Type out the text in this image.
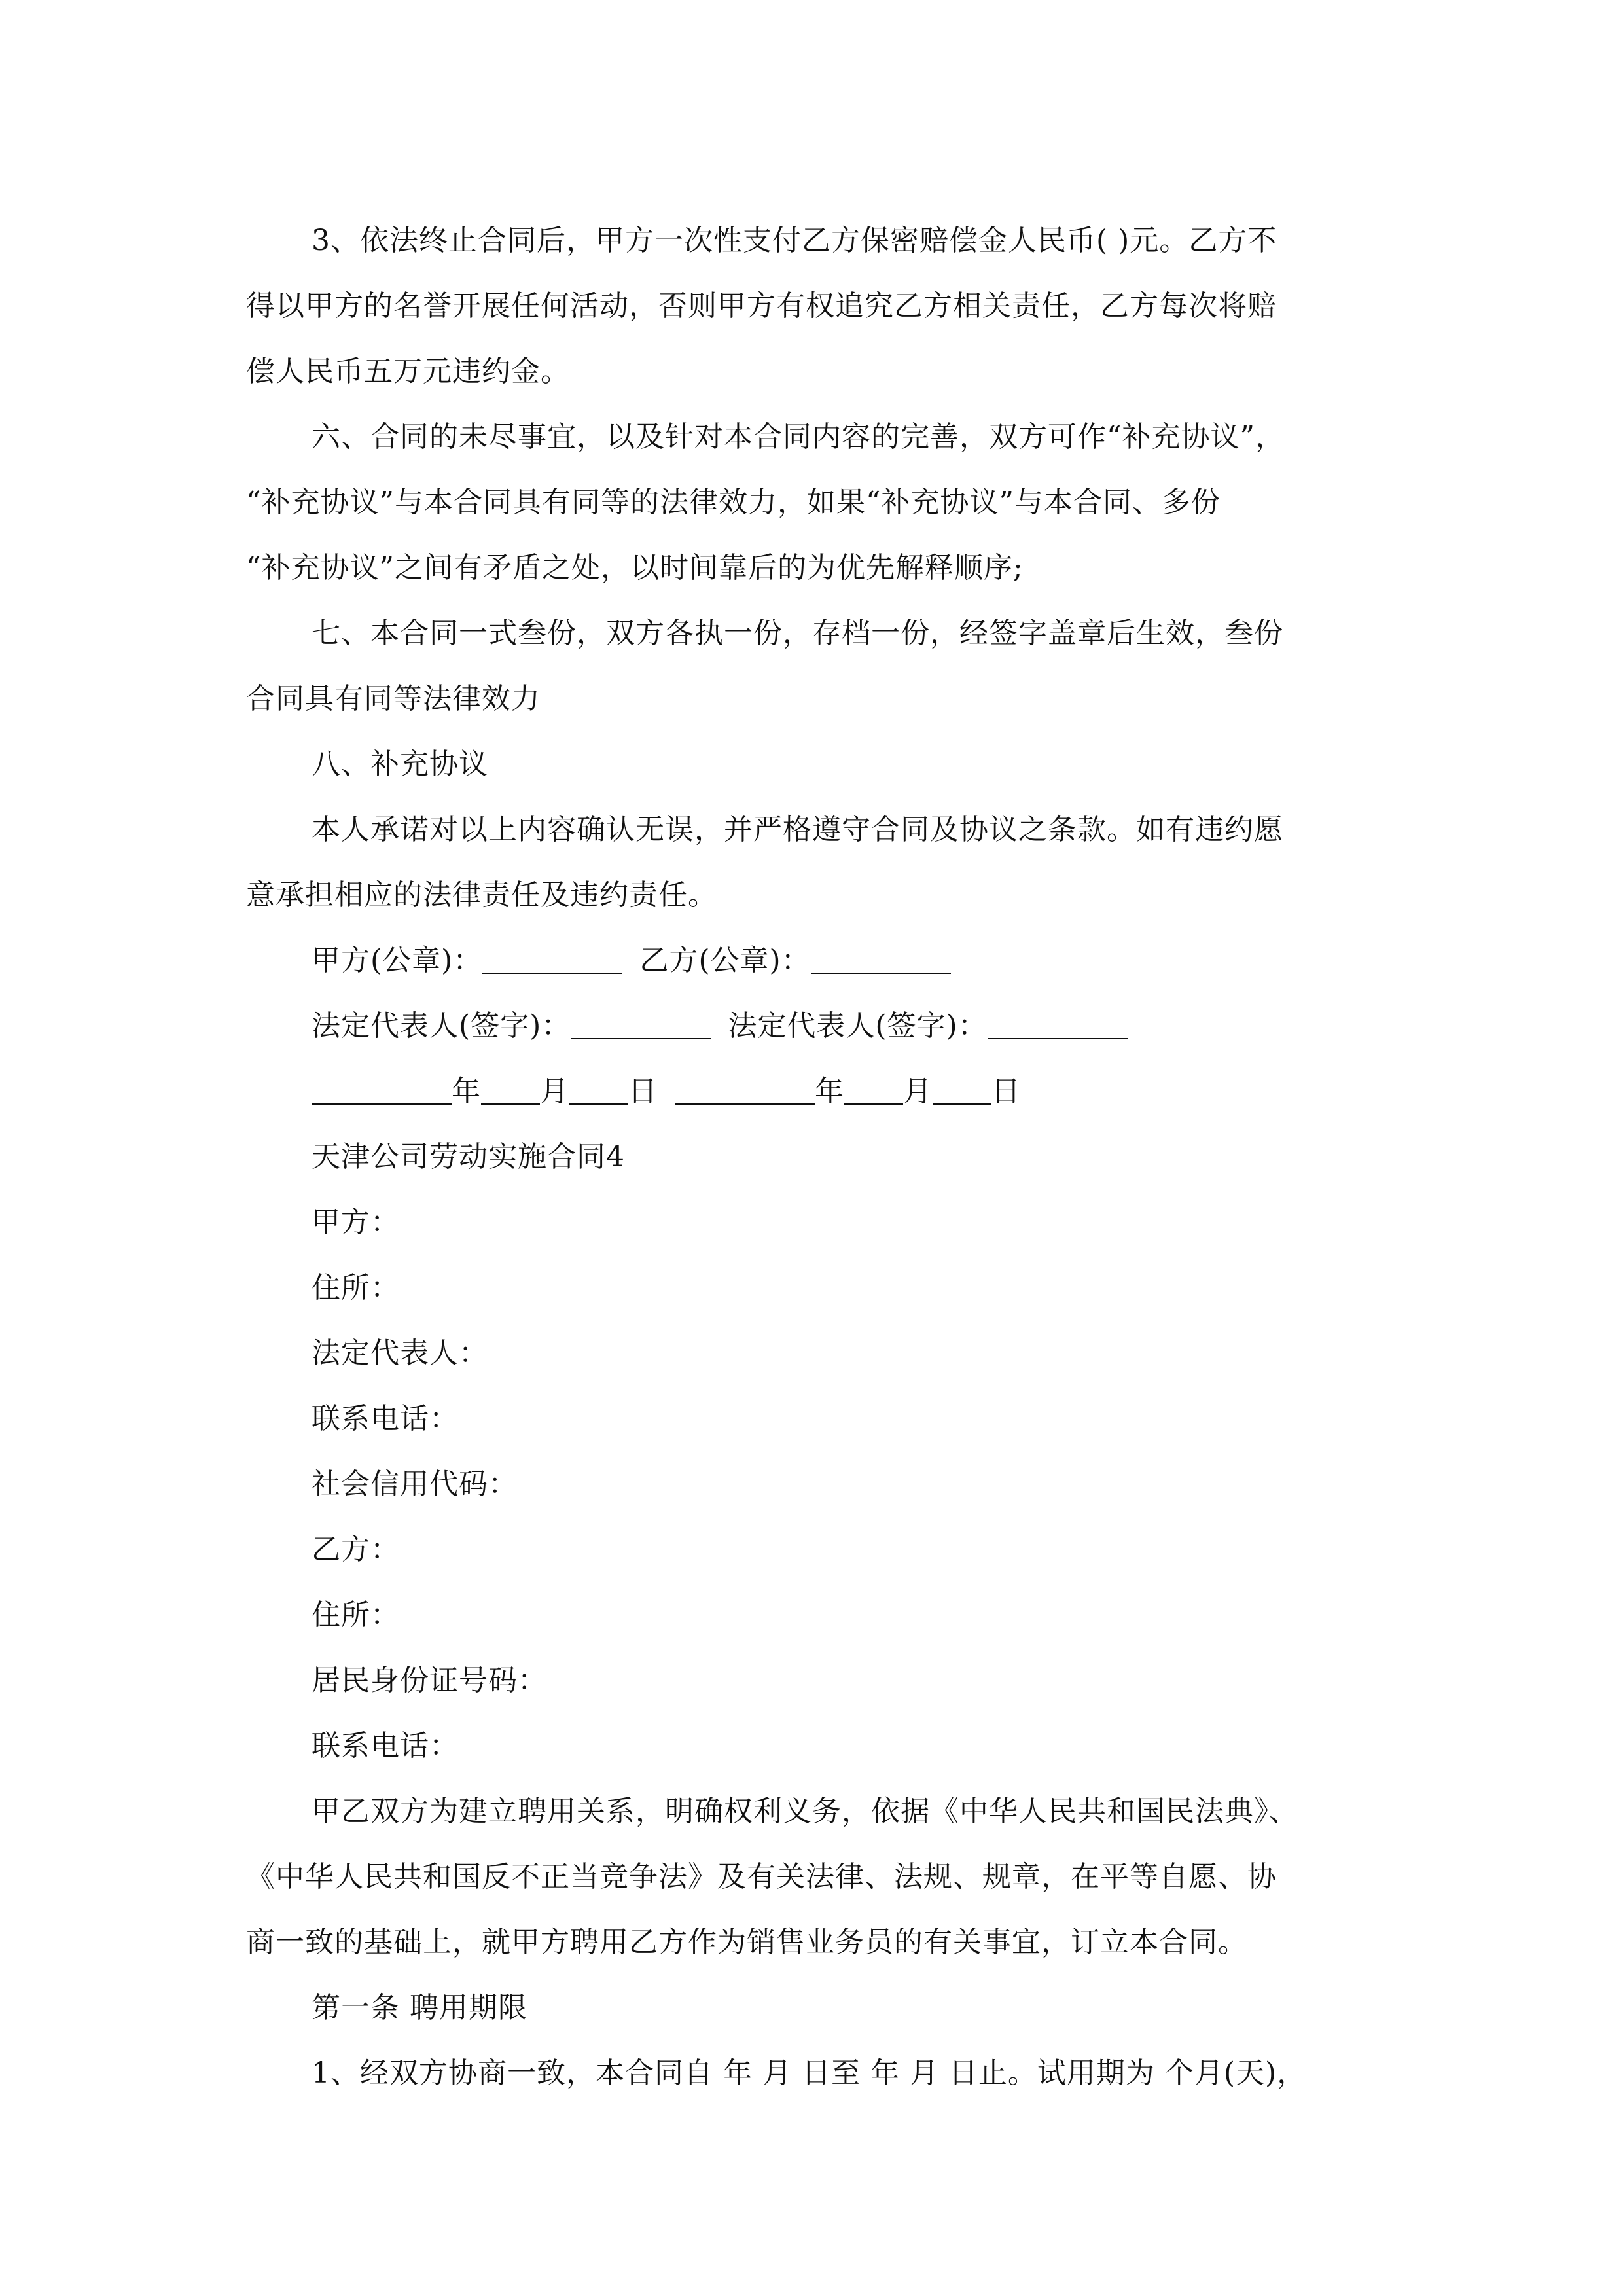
3、依法终止合同后，甲方一次性支付乙方保密赔偿金人民币( )元。乙方不
得以甲方的名誉开展任何活动，否则甲方有权追究乙方相关责任，乙方每次将赔
偿人民币五万元违约金。
六、合同的未尽事宜，以及针对本合同内容的完善，双方可作“补充协议”，
“补充协议”与本合同具有同等的法律效力，如果“补充协议”与本合同、多份
“补充协议”之间有矛盾之处，以时间靠后的为优先解释顺序;
七、本合同一式叁份，双方各执一份，存档一份，经签字盖章后生效，叁份
合同具有同等法律效力
八、补充协议
本人承诺对以上内容确认无误，并严格遵守合同及协议之条款。如有违约愿
意承担相应的法律责任及违约责任。
甲方(公章)：	乙方(公章)：
法定代表人(签字)：	法定代表人(签字)：
年 月 日	年 月 日
天津公司劳动实施合同4
甲方：
住所：
法定代表人：
联系电话：
社会信用代码：
乙方：
住所：
居民身份证号码：
联系电话：
甲乙双方为建立聘用关系，明确权利义务，依据《中华人民共和国民法典》、
《中华人民共和国反不正当竞争法》及有关法律、法规、规章，在平等自愿、协
商一致的基础上，就甲方聘用乙方作为销售业务员的有关事宜，订立本合同。
第一条 聘用期限
1、经双方协商一致，本合同自 年 月 日至 年 月 日止。试用期为 个月(天)，
